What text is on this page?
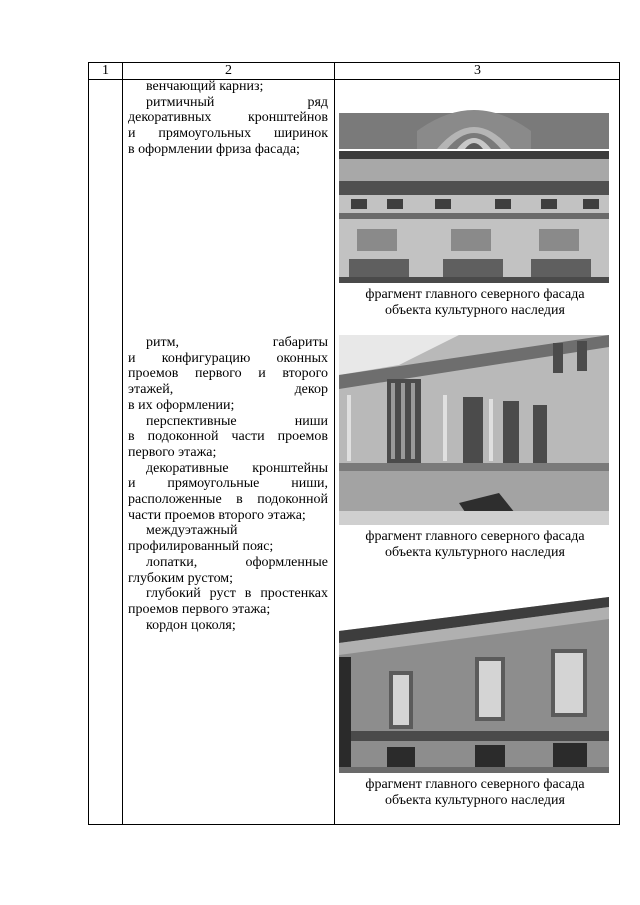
1	2	3
венчающий карниз;
ритмичный	ряд
декоративных	кронштейнов
и прямоугольных ширинок
в оформлении фриза фасада;
ритм,	габариты
и конфигурацию оконных
проемов первого и второго
этажей,	декор
в их оформлении;
перспективные	ниши
в подоконной части проемов
первого этажа;
декоративные кронштейны
и прямоугольные ниши,
расположенные в подоконной
части проемов второго этажа;
междуэтажный
профилированный пояс;
лопатки,	оформленные
глубоким рустом;
глубокий руст в простенках
проемов первого этажа;
кордон цоколя;
фрагмент главного северного фасада
объекта культурного наследия
фрагмент главного северного фасада
объекта культурного наследия
фрагмент главного северного фасада
объекта культурного наследия
